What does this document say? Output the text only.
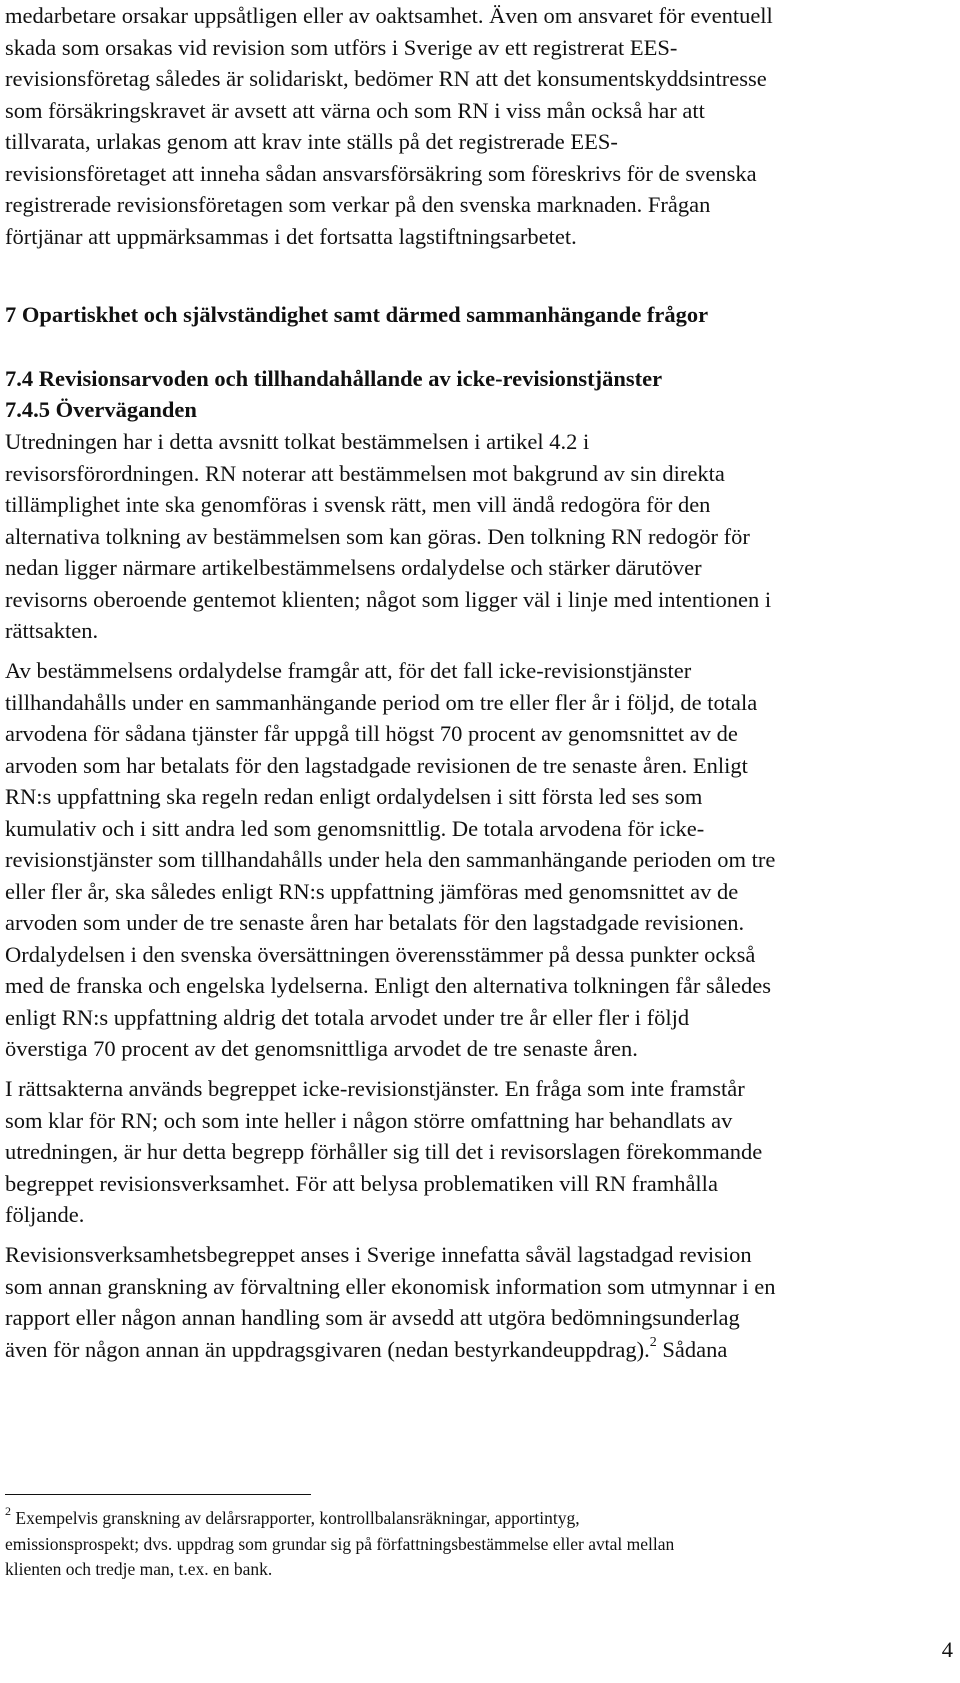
medarbetare orsakar uppsåtligen eller av oaktsamhet. Även om ansvaret för eventuell
skada som orsakas vid revision som utförs i Sverige av ett registrerat EES-
revisionsföretag således är solidariskt, bedömer RN att det konsumentskyddsintresse
som försäkringskravet är avsett att värna och som RN i viss mån också har att
tillvarata, urlakas genom att krav inte ställs på det registrerade EES-
revisionsföretaget att inneha sådan ansvarsförsäkring som föreskrivs för de svenska
registrerade revisionsföretagen som verkar på den svenska marknaden. Frågan
förtjänar att uppmärksammas i det fortsatta lagstiftningsarbetet.
7 Opartiskhet och självständighet samt därmed sammanhängande frågor
7.4 Revisionsarvoden och tillhandahållande av icke-revisionstjänster
7.4.5 Överväganden
Utredningen har i detta avsnitt tolkat bestämmelsen i artikel 4.2 i
revisorsförordningen. RN noterar att bestämmelsen mot bakgrund av sin direkta
tillämplighet inte ska genomföras i svensk rätt, men vill ändå redogöra för den
alternativa tolkning av bestämmelsen som kan göras. Den tolkning RN redogör för
nedan ligger närmare artikelbestämmelsens ordalydelse och stärker därutöver
revisorns oberoende gentemot klienten; något som ligger väl i linje med intentionen i
rättsakten.
Av bestämmelsens ordalydelse framgår att, för det fall icke-revisionstjänster
tillhandahålls under en sammanhängande period om tre eller fler år i följd, de totala
arvodena för sådana tjänster får uppgå till högst 70 procent av genomsnittet av de
arvoden som har betalats för den lagstadgade revisionen de tre senaste åren. Enligt
RN:s uppfattning ska regeln redan enligt ordalydelsen i sitt första led ses som
kumulativ och i sitt andra led som genomsnittlig. De totala arvodena för icke-
revisionstjänster som tillhandahålls under hela den sammanhängande perioden om tre
eller fler år, ska således enligt RN:s uppfattning jämföras med genomsnittet av de
arvoden som under de tre senaste åren har betalats för den lagstadgade revisionen.
Ordalydelsen i den svenska översättningen överensstämmer på dessa punkter också
med de franska och engelska lydelserna. Enligt den alternativa tolkningen får således
enligt RN:s uppfattning aldrig det totala arvodet under tre år eller fler i följd
överstiga 70 procent av det genomsnittliga arvodet de tre senaste åren.
I rättsakterna används begreppet icke-revisionstjänster. En fråga som inte framstår
som klar för RN; och som inte heller i någon större omfattning har behandlats av
utredningen, är hur detta begrepp förhåller sig till det i revisorslagen förekommande
begreppet revisionsverksamhet. För att belysa problematiken vill RN framhålla
följande.
Revisionsverksamhetsbegreppet anses i Sverige innefatta såväl lagstadgad revision
som annan granskning av förvaltning eller ekonomisk information som utmynnar i en
rapport eller någon annan handling som är avsedd att utgöra bedömningsunderlag
även för någon annan än uppdragsgivaren (nedan bestyrkandeuppdrag).$^2$ Sådana
$^2$ Exempelvis granskning av delårsrapporter, kontrollbalansräkningar, apportintyg,
emissionsprospekt; dvs. uppdrag som grundar sig på författningsbestämmelse eller avtal mellan
klienten och tredje man, t.ex. en bank.
4
